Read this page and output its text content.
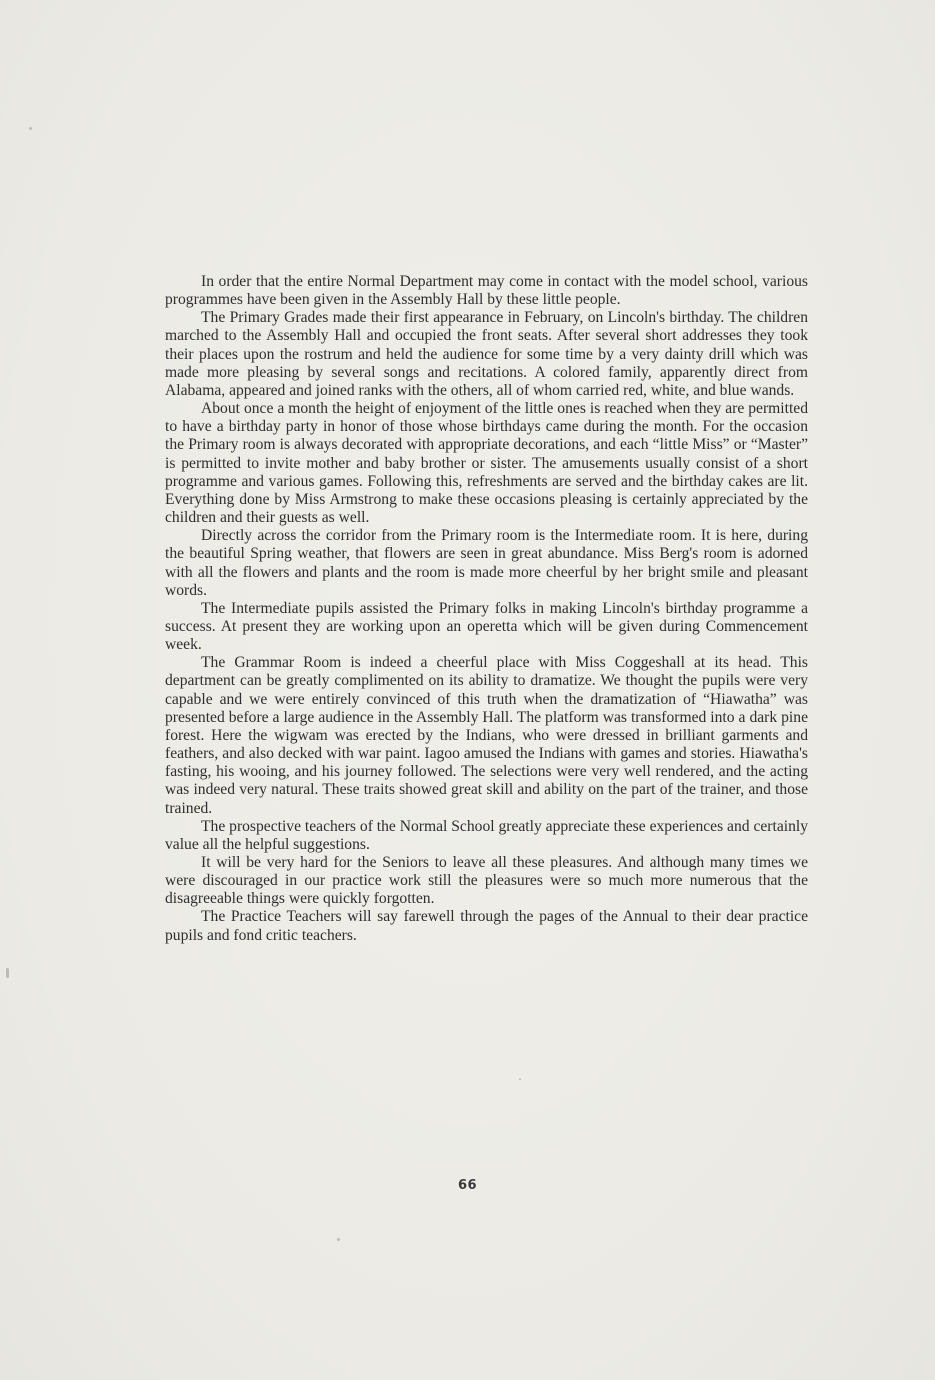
In order that the entire Normal Department may come in contact with the model school, various programmes have been given in the Assembly Hall by these little people.

The Primary Grades made their first appearance in February, on Lincoln's birthday. The children marched to the Assembly Hall and occupied the front seats. After several short addresses they took their places upon the rostrum and held the audience for some time by a very dainty drill which was made more pleasing by several songs and recitations. A colored family, apparently direct from Alabama, appeared and joined ranks with the others, all of whom carried red, white, and blue wands.

About once a month the height of enjoyment of the little ones is reached when they are permitted to have a birthday party in honor of those whose birthdays came during the month. For the occasion the Primary room is always decorated with appropriate decorations, and each “little Miss” or “Master” is permitted to invite mother and baby brother or sister. The amusements usually consist of a short programme and various games. Following this, refreshments are served and the birthday cakes are lit. Everything done by Miss Armstrong to make these occasions pleasing is certainly appreciated by the children and their guests as well.

Directly across the corridor from the Primary room is the Intermediate room. It is here, during the beautiful Spring weather, that flowers are seen in great abundance. Miss Berg's room is adorned with all the flowers and plants and the room is made more cheerful by her bright smile and pleasant words.

The Intermediate pupils assisted the Primary folks in making Lincoln's birthday programme a success. At present they are working upon an operetta which will be given during Commencement week.

The Grammar Room is indeed a cheerful place with Miss Coggeshall at its head. This department can be greatly complimented on its ability to dramatize. We thought the pupils were very capable and we were entirely convinced of this truth when the dramatization of “Hiawatha” was presented before a large audience in the Assembly Hall. The platform was transformed into a dark pine forest. Here the wigwam was erected by the Indians, who were dressed in brilliant garments and feathers, and also decked with war paint. Iagoo amused the Indians with games and stories. Hiawatha's fasting, his wooing, and his journey followed. The selections were very well rendered, and the acting was indeed very natural. These traits showed great skill and ability on the part of the trainer, and those trained.

The prospective teachers of the Normal School greatly appreciate these experiences and certainly value all the helpful suggestions.

It will be very hard for the Seniors to leave all these pleasures. And although many times we were discouraged in our practice work still the pleasures were so much more numerous that the disagreeable things were quickly forgotten.

The Practice Teachers will say farewell through the pages of the Annual to their dear practice pupils and fond critic teachers.

66
